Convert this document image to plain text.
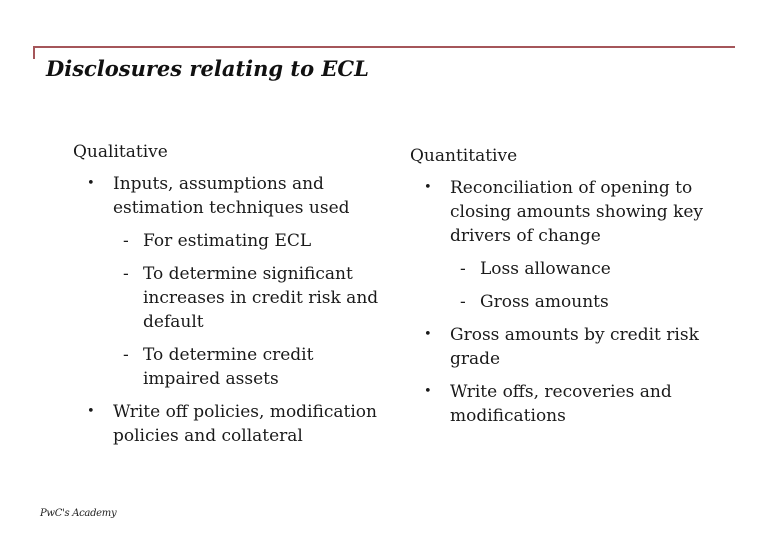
Disclosures relating to ECL
Qualitative
• Inputs, assumptions and estimation techniques used
- For estimating ECL
- To determine significant increases in credit risk and default
- To determine credit impaired assets
• Write off policies, modification policies and collateral
Quantitative
• Reconciliation of opening to closing amounts showing key drivers of change
- Loss allowance
- Gross amounts
• Gross amounts by credit risk grade
• Write offs, recoveries and modifications
PwC's Academy
